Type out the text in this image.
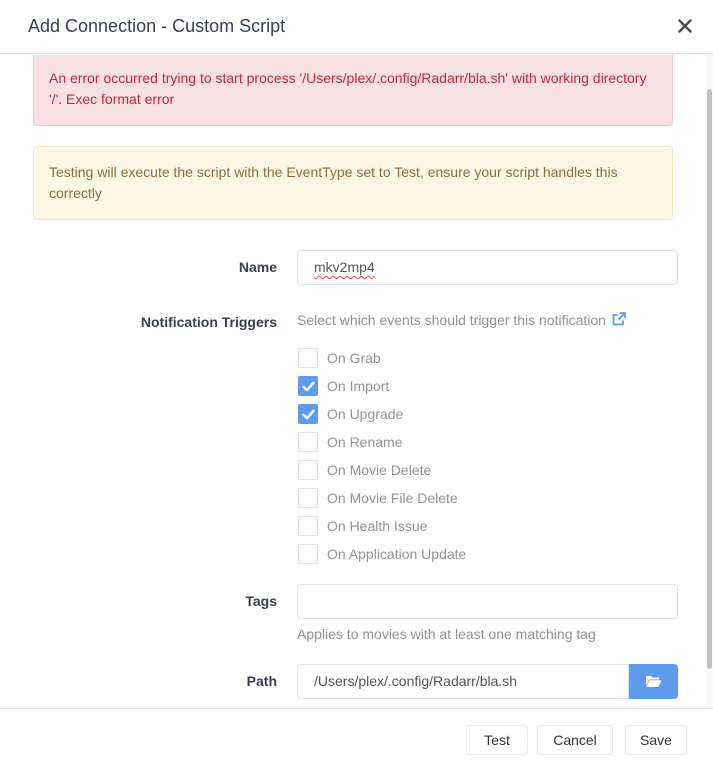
Add Connection - Custom Script
An error occurred trying to start process '/Users/plex/.config/Radarr/bla.sh' with working directory '/'. Exec format error
Testing will execute the script with the EventType set to Test, ensure your script handles this correctly
Name	mkv2mp4
Notification Triggers Select which events should trigger this notification
On Grab
On Import
On Upgrade
On Rename
On Movie Delete
On Movie File Delete
On Health Issue
On Application Update
Tags
Applies to movies with at least one matching tag
Path	/Users/plex/.config/Radarr/bla.sh
Test	Cancel	Save
